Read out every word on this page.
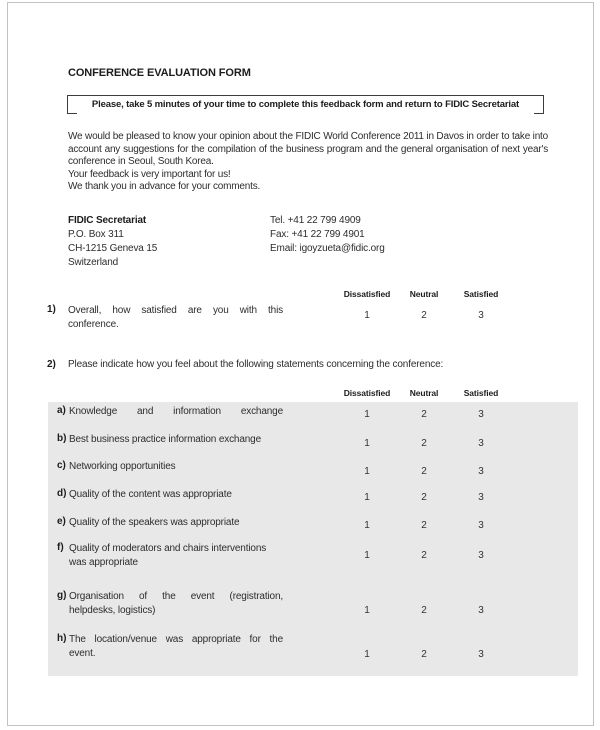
CONFERENCE EVALUATION FORM
Please, take 5 minutes of your time to complete this feedback form and return to FIDIC Secretariat
We would be pleased to know your opinion about the FIDIC World Conference 2011 in Davos in order to take into account any suggestions for the compilation of the business program and the general organisation of next year's conference in Seoul, South Korea.
Your feedback is very important for us!
We thank you in advance for your comments.
FIDIC Secretariat
P.O. Box 311
CH-1215 Geneva 15
Switzerland
Tel. +41 22 799 4909
Fax: +41 22 799 4901
Email: igoyzueta@fidic.org
Dissatisfied	Neutral	Satisfied
1) Overall, how satisfied are you with this
conference.
1	2	3
2) Please indicate how you feel about the following statements concerning the conference:
Dissatisfied	Neutral	Satisfied
a) Knowledge and information exchange	1	2	3
b) Best business practice information exchange	1	2	3
c) Networking opportunities	1	2	3
d) Quality of the content was appropriate	1	2	3
e) Quality of the speakers was appropriate	1	2	3
f) Quality of moderators and chairs interventions
was appropriate
1	2	3
g) Organisation of the event (registration,
helpdesks, logistics)	1	2	3
h) The location/venue was appropriate for the
event.	1	2	3
